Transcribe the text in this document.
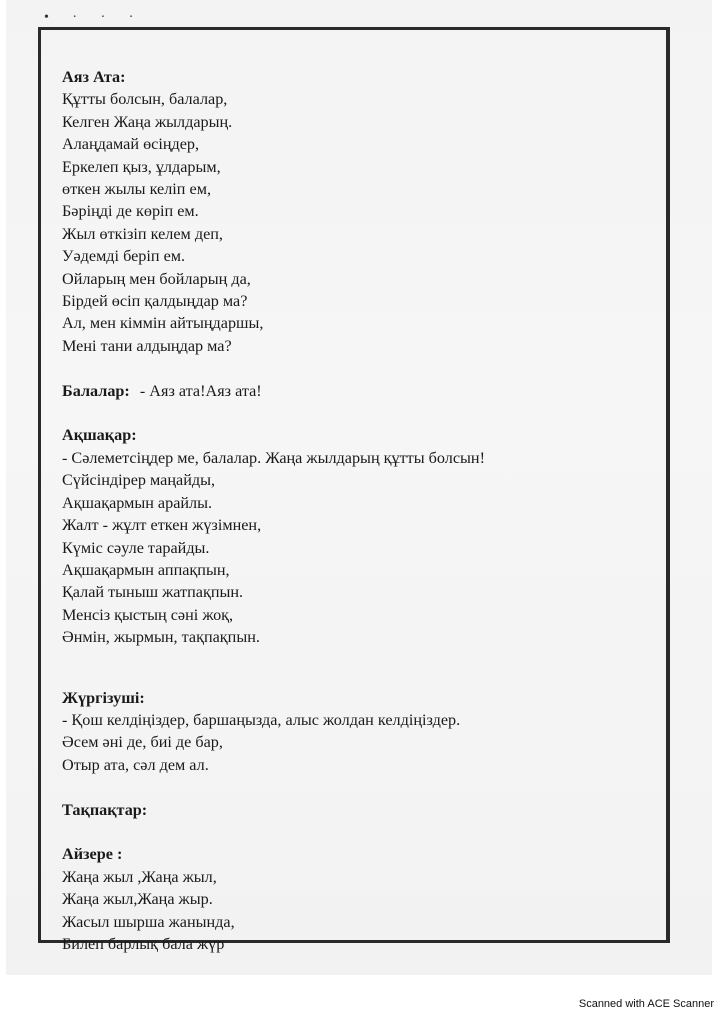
• · · ·
Аяз Ата:
Құтты болсын, балалар,
Келген Жаңа жылдарың.
Алаңдамай өсіңдер,
Еркелеп қыз, ұлдарым,
өткен жылы келіп ем,
Бәріңді де көріп ем.
Жыл өткізіп келем деп,
Уәдемді беріп ем.
Ойларың мен бойларың да,
Бірдей өсіп қалдыңдар ма?
Ал, мен кіммін айтыңдаршы,
Мені тани алдыңдар ма?
Балалар: - Аяз ата!Аяз ата!
Ақшақар:
- Сәлеметсіңдер ме, балалар. Жаңа жылдарың құтты болсын!
Сүйсіндірер маңайды,
Ақшақармын арайлы.
Жалт - жұлт еткен жүзімнен,
Күміс сәуле тарайды.
Ақшақармын аппақпын,
Қалай тыныш жатпақпын.
Менсіз қыстың сәні жоқ,
Әнмін, жырмын, тақпақпын.
Жүргізуші:
- Қош келдіңіздер, баршаңызда, алыс жолдан келдіңіздер.
Әсем әні де, биі де бар,
Отыр ата, сәл дем ал.
Тақпақтар:
Айзере :
Жаңа жыл ,Жаңа жыл,
Жаңа жыл,Жаңа жыр.
Жасыл шырша жанында,
Билеп барлық бала жүр
Scanned with ACE Scanner
